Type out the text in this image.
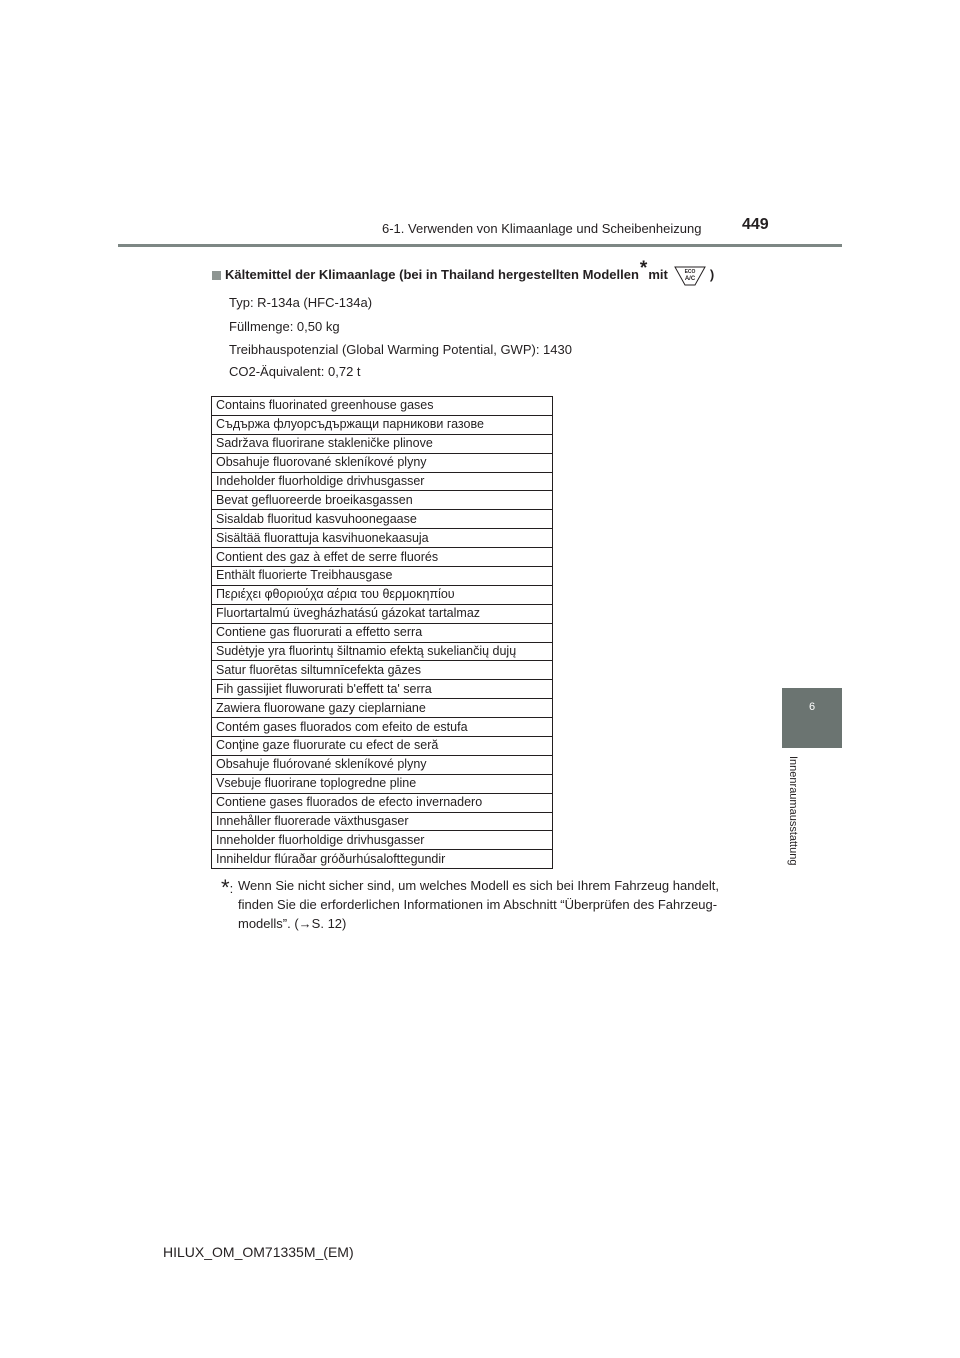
6-1. Verwenden von Klimaanlage und Scheibenheizung	449
6
Innenraumausstattung
Kältemittel der Klimaanlage (bei in Thailand hergestellten Modellen * mit	ECO
A/C )
Typ: R-134a (HFC-134a)
Füllmenge: 0,50 kg
Treibhauspotenzial (Global Warming Potential, GWP): 1430
CO2-Äquivalent: 0,72 t
Contains fluorinated greenhouse gases
Съдържа флуорсъдържащи парникови газове
Sadržava fluorirane stakleničke plinove
Obsahuje fluorované skleníkové plyny
Indeholder fluorholdige drivhusgasser
Bevat gefluoreerde broeikasgassen
Sisaldab fluoritud kasvuhoonegaase
Sisältää fluorattuja kasvihuonekaasuja
Contient des gaz à effet de serre fluorés
Enthält fluorierte Treibhausgase
Περιέχει φθοριούχα αέρια του θερμοκηπίου
Fluortartalmú üvegházhatású gázokat tartalmaz
Contiene gas fluorurati a effetto serra
Sudėtyje yra fluorintų šiltnamio efektą sukeliančių dujų
Satur fluorētas siltumnīcefekta gāzes
Fih gassijiet fluworurati b'effett ta' serra
Zawiera fluorowane gazy cieplarniane
Contém gases fluorados com efeito de estufa
Conţine gaze fluorurate cu efect de seră
Obsahuje fluórované skleníkové plyny
Vsebuje fluorirane toplogredne pline
Contiene gases fluorados de efecto invernadero
Innehåller fluorerade växthusgaser
Inneholder fluorholdige drivhusgasser
Inniheldur flúraðar gróðurhúsalofttegundir
*: Wenn Sie nicht sicher sind, um welches Modell es sich bei Ihrem Fahrzeug handelt, finden Sie die erforderlichen Informationen im Abschnitt “Überprüfen des Fahrzeug-modells”. (→S. 12)
HILUX_OM_OM71335M_(EM)
